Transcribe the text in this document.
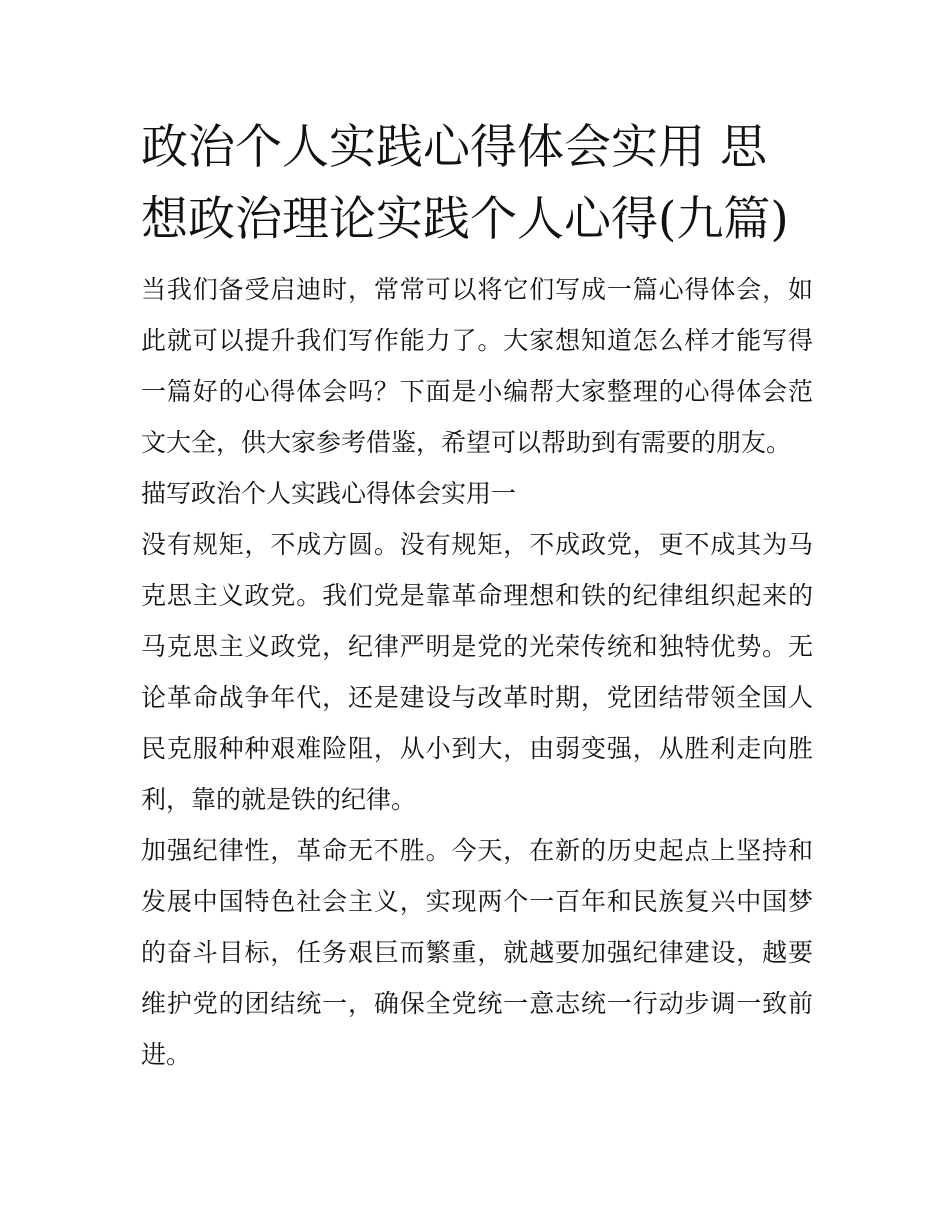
政治个人实践心得体会实用 思想政治理论实践个人心得(九篇)

当我们备受启迪时，常常可以将它们写成一篇心得体会，如此就可以提升我们写作能力了。大家想知道怎么样才能写得一篇好的心得体会吗？下面是小编帮大家整理的心得体会范文大全，供大家参考借鉴，希望可以帮助到有需要的朋友。

描写政治个人实践心得体会实用一

没有规矩，不成方圆。没有规矩，不成政党，更不成其为马克思主义政党。我们党是靠革命理想和铁的纪律组织起来的马克思主义政党，纪律严明是党的光荣传统和独特优势。无论革命战争年代，还是建设与改革时期，党团结带领全国人民克服种种艰难险阻，从小到大，由弱变强，从胜利走向胜利，靠的就是铁的纪律。

加强纪律性，革命无不胜。今天，在新的历史起点上坚持和发展中国特色社会主义，实现两个一百年和民族复兴中国梦的奋斗目标，任务艰巨而繁重，就越要加强纪律建设，越要维护党的团结统一，确保全党统一意志统一行动步调一致前进。
